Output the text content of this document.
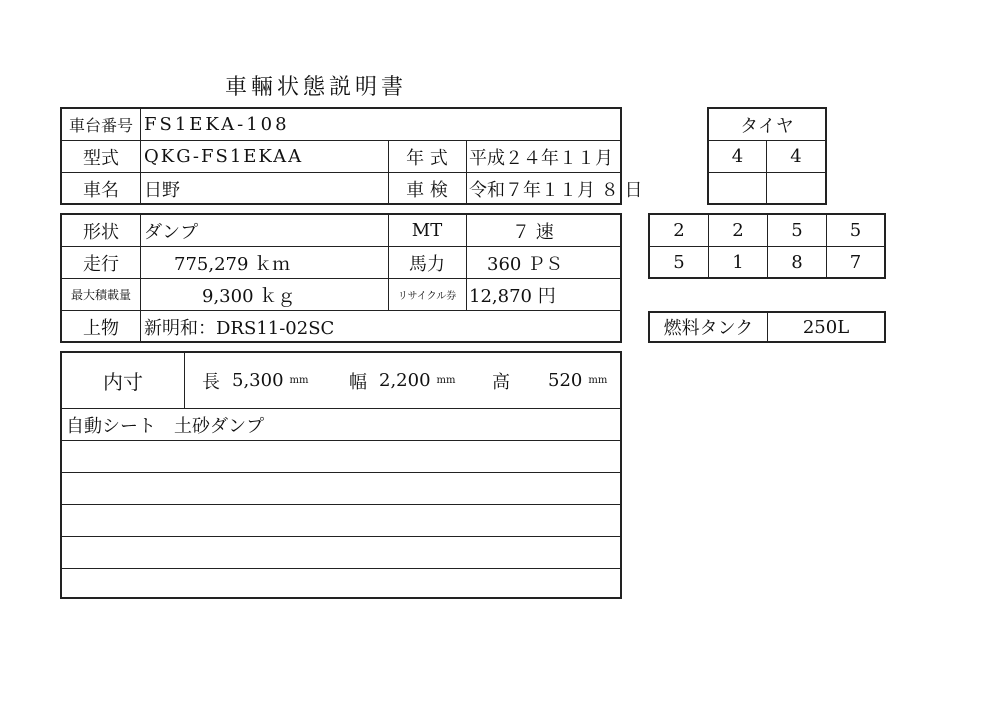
車輛状態説明書
車台番号 FS1EKA-108
型式	QKG-FS1EKAA	年 式	平成２４年１１月
車名	日野	車 検	令和７年１１月 ８ 日
形状	ダンプ	MT	７ 速
走行	775,279 ｋｍ	馬力	360 ＰＳ
最大積載量	9,300 ｋｇ	リサイクル券 12,870 円
上物	新明和：DRS11-02SC
内寸	長 5,300 mm 幅 2,200 mm 高 520 mm
自動シート　土砂ダンプ
タイヤ
4	4
2	2	5	5
5	1	8	7
燃料タンク	250L
